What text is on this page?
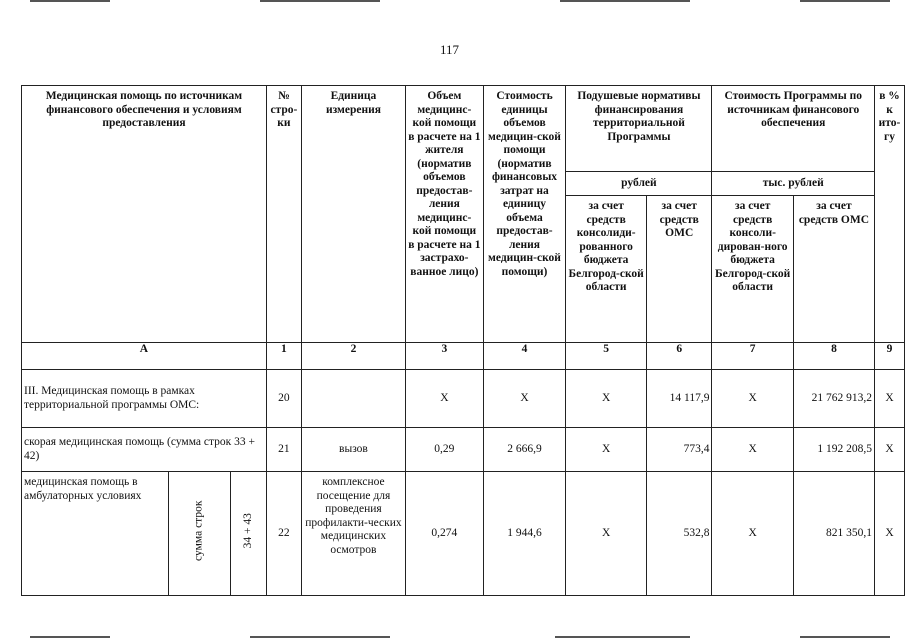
117
Медицинская помощь по источникам финансового обеспечения и условиям предоставления			№ стро-ки	Единица измерения	Объем медицинс-кой помощи в расчете на 1 жителя (норматив объемов предостав-ления медицинс-кой помощи в расчете на 1 застрахо-ванное лицо)	Стоимость единицы объемов медицин-ской помощи (норматив финансовых затрат на единицу объема предостав-ления медицин-ской помощи)	Подушевые нормативы финансирования территориальной Программы		Стоимость Программы по источникам финансового обеспечения		в % к ито-гу
							рублей		тыс. рублей		
							за счет средств консолиди-рованного бюджета Белгород-ской области	за счет средств ОМС	за счет средств консоли-дирован-ного бюджета Белгород-ской области	за счет средств ОМС	
А			1	2	3	4	5	6	7	8	9
III. Медицинская помощь в рамках территориальной программы ОМС:			20		X	X	X	14 117,9	X	21 762 913,2	X
скорая медицинская помощь (сумма строк 33 + 42)			21	вызов	0,29	2 666,9	X	773,4	X	1 192 208,5	X
медицинская помощь в амбулаторных условиях	сумма строк	34 + 43	22	комплексное посещение для проведения профилакти-ческих медицинских осмотров	0,274	1 944,6	X	532,8	X	821 350,1	X
